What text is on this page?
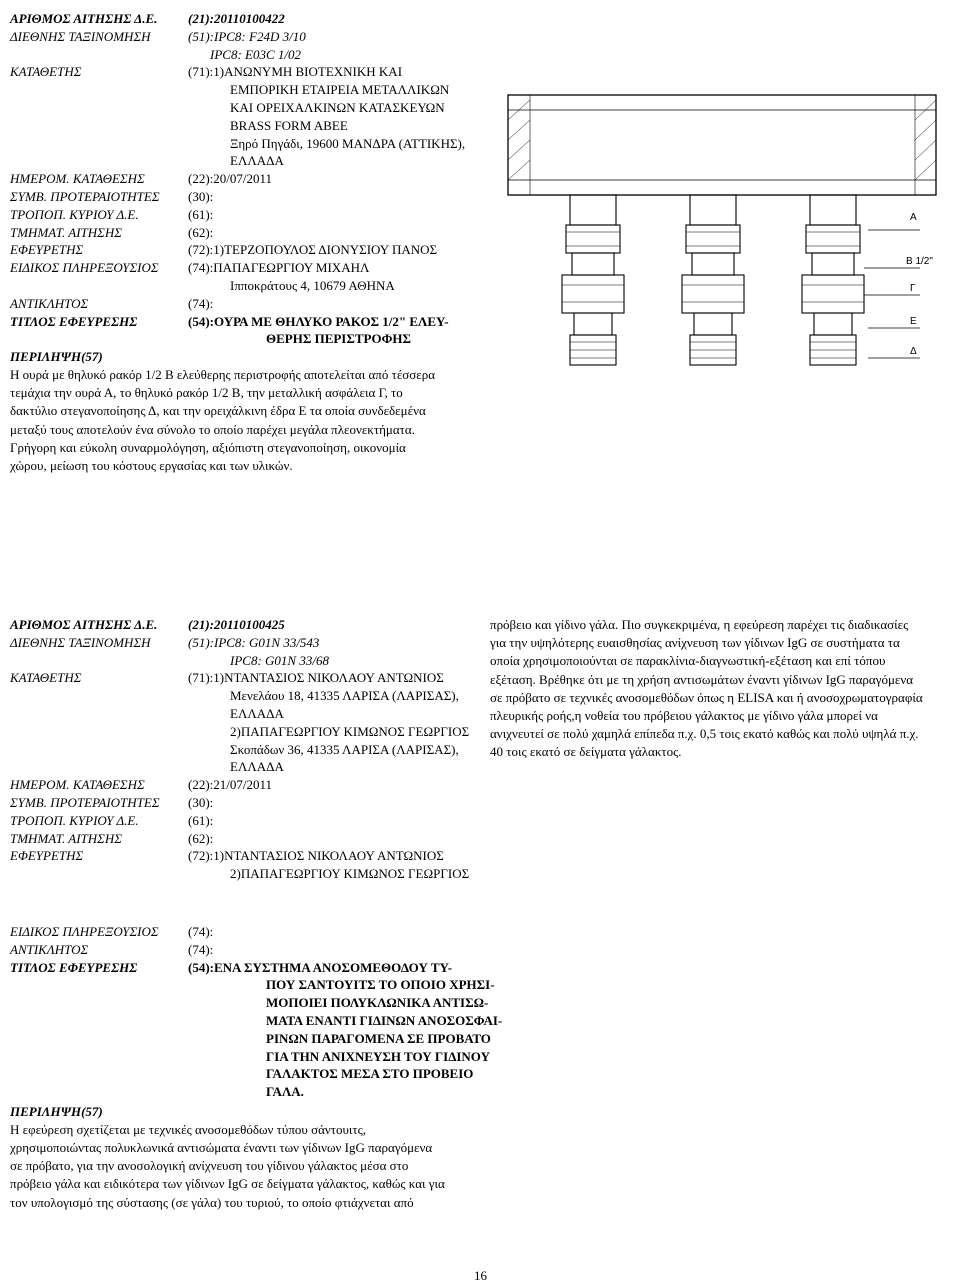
ΑΡΙΘΜΟΣ ΑΙΤΗΣΗΣ Δ.Ε.	(21):20110100422
ΔΙΕΘΝΗΣ ΤΑΞΙΝΟΜΗΣΗ	(51):IPC8: F24D 3/10
IPC8: E03C 1/02
ΚΑΤΑΘΕΤΗΣ	(71):1)ΑΝΩΝΥΜΗ ΒΙΟΤΕΧΝΙΚΗ ΚΑΙ
ΕΜΠΟΡΙΚΗ ΕΤΑΙΡΕΙΑ ΜΕΤΑΛΛΙΚΩΝ
ΚΑΙ ΟΡΕΙΧΑΛΚΙΝΩΝ ΚΑΤΑΣΚΕΥΩΝ
BRASS FORM ABEE
Ξηρό Πηγάδι, 19600 ΜΑΝΔΡΑ (ΑΤΤΙΚΗΣ),
ΕΛΛΑΔΑ
ΗΜΕΡΟΜ. ΚΑΤΑΘΕΣΗΣ	(22):20/07/2011
ΣΥΜΒ. ΠΡΟΤΕΡΑΙΟΤΗΤΕΣ	(30):
ΤΡΟΠΟΠ. ΚΥΡΙΟΥ Δ.Ε.	(61):
ΤΜΗΜΑΤ. ΑΙΤΗΣΗΣ	(62):
ΕΦΕΥΡΕΤΗΣ	(72):1)ΤΕΡΖΟΠΟΥΛΟΣ ΔΙΟΝΥΣΙΟΥ ΠΑΝΟΣ
ΕΙΔΙΚΟΣ ΠΛΗΡΕΞΟΥΣΙΟΣ	(74):ΠΑΠΑΓΕΩΡΓΙΟΥ ΜΙΧΑΗΛ
Ιπποκράτους 4, 10679 ΑΘΗΝΑ
ΑΝΤΙΚΛΗΤΟΣ	(74):
ΤΙΤΛΟΣ ΕΦΕΥΡΕΣΗΣ	(54):ΟΥΡΑ ΜΕ ΘΗΛΥΚΟ ΡΑΚΟΣ 1/2" ΕΛΕΥ-
ΘΕΡΗΣ ΠΕΡΙΣΤΡΟΦΗΣ
ΠΕΡΙΛΗΨΗ(57)
Η ουρά με θηλυκό ρακόρ 1/2 Β ελεύθερης περιστροφής αποτελείται από τέσσερα
τεμάχια την ουρά Α, το θηλυκό ρακόρ 1/2 Β, την μεταλλική ασφάλεια Γ, το
δακτύλιο στεγανοποίησης Δ, και την ορειχάλκινη έδρα Ε τα οποία συνδεδεμένα
μεταξύ τους αποτελούν ένα σύνολο το οποίο παρέχει μεγάλα πλεονεκτήματα.
Γρήγορη και εύκολη συναρμολόγηση, αξιόπιστη στεγανοποίηση, οικονομία
χώρου, μείωση του κόστους εργασίας και των υλικών.
Α
Β 1/2"
Γ
Ε
Δ
ΑΡΙΘΜΟΣ ΑΙΤΗΣΗΣ Δ.Ε.	(21):20110100425
ΔΙΕΘΝΗΣ ΤΑΞΙΝΟΜΗΣΗ	(51):IPC8: G01N 33/543
IPC8: G01N 33/68
ΚΑΤΑΘΕΤΗΣ	(71):1)ΝΤΑΝΤΑΣΙΟΣ ΝΙΚΟΛΑΟΥ ΑΝΤΩΝΙΟΣ
Μενελάου 18, 41335 ΛΑΡΙΣΑ (ΛΑΡΙΣΑΣ),
ΕΛΛΑΔΑ
2)ΠΑΠΑΓΕΩΡΓΙΟΥ ΚΙΜΩΝΟΣ ΓΕΩΡΓΙΟΣ
Σκοπάδων 36, 41335 ΛΑΡΙΣΑ (ΛΑΡΙΣΑΣ),
ΕΛΛΑΔΑ
ΗΜΕΡΟΜ. ΚΑΤΑΘΕΣΗΣ	(22):21/07/2011
ΣΥΜΒ. ΠΡΟΤΕΡΑΙΟΤΗΤΕΣ	(30):
ΤΡΟΠΟΠ. ΚΥΡΙΟΥ Δ.Ε.	(61):
ΤΜΗΜΑΤ. ΑΙΤΗΣΗΣ	(62):
ΕΦΕΥΡΕΤΗΣ	(72):1)ΝΤΑΝΤΑΣΙΟΣ ΝΙΚΟΛΑΟΥ ΑΝΤΩΝΙΟΣ
2)ΠΑΠΑΓΕΩΡΓΙΟΥ ΚΙΜΩΝΟΣ ΓΕΩΡΓΙΟΣ
ΕΙΔΙΚΟΣ ΠΛΗΡΕΞΟΥΣΙΟΣ	(74):
ΑΝΤΙΚΛΗΤΟΣ	(74):
ΤΙΤΛΟΣ ΕΦΕΥΡΕΣΗΣ	(54):ΕΝΑ ΣΥΣΤΗΜΑ ΑΝΟΣΟΜΕΘΟΔΟΥ ΤΥ-
ΠΟΥ ΣΑΝΤΟΥΙΤΣ ΤΟ ΟΠΟΙΟ ΧΡΗΣΙ-
ΜΟΠΟΙΕΙ ΠΟΛΥΚΛΩΝΙΚΑ ΑΝΤΙΣΩ-
ΜΑΤΑ ΕΝΑΝΤΙ ΓΙΔΙΝΩΝ ΑΝΟΣΟΣΦΑΙ-
ΡΙΝΩΝ ΠΑΡΑΓΟΜΕΝΑ ΣΕ ΠΡΟΒΑΤΟ
ΓΙΑ ΤΗΝ ΑΝΙΧΝΕΥΣΗ ΤΟΥ ΓΙΔΙΝΟΥ
ΓΑΛΑΚΤΟΣ ΜΕΣΑ ΣΤΟ ΠΡΟΒΕΙΟ
ΓΑΛΑ.
ΠΕΡΙΛΗΨΗ(57)
Η εφεύρεση σχετίζεται με τεχνικές ανοσομεθόδων τύπου σάντουιτς,
χρησιμοποιώντας πολυκλωνικά αντισώματα έναντι των γίδινων IgG παραγόμενα
σε πρόβατο, για την ανοσολογική ανίχνευση του γίδινου γάλακτος μέσα στο
πρόβειο γάλα και ειδικότερα των γίδινων IgG σε δείγματα γάλακτος, καθώς και για
τον υπολογισμό της σύστασης (σε γάλα) του τυριού, το οποίο φτιάχνεται από
πρόβειο και γίδινο γάλα. Πιο συγκεκριμένα, η εφεύρεση παρέχει τις διαδικασίες
για την υψηλότερης ευαισθησίας ανίχνευση των γίδινων IgG σε συστήματα τα
οποία χρησιμοποιούνται σε παρακλίνια-διαγνωστική-εξέταση και επί τόπου
εξέταση. Βρέθηκε ότι με τη χρήση αντισωμάτων έναντι γίδινων IgG παραγόμενα
σε πρόβατο σε τεχνικές ανοσομεθόδων όπως η ELISA και ή ανοσοχρωματογραφία
πλευρικής ροής,η νοθεία του πρόβειου γάλακτος με γίδινο γάλα μπορεί να
ανιχνευτεί σε πολύ χαμηλά επίπεδα π.χ. 0,5 τοις εκατό καθώς και πολύ υψηλά π.χ.
40 τοις εκατό σε δείγματα γάλακτος.
16
